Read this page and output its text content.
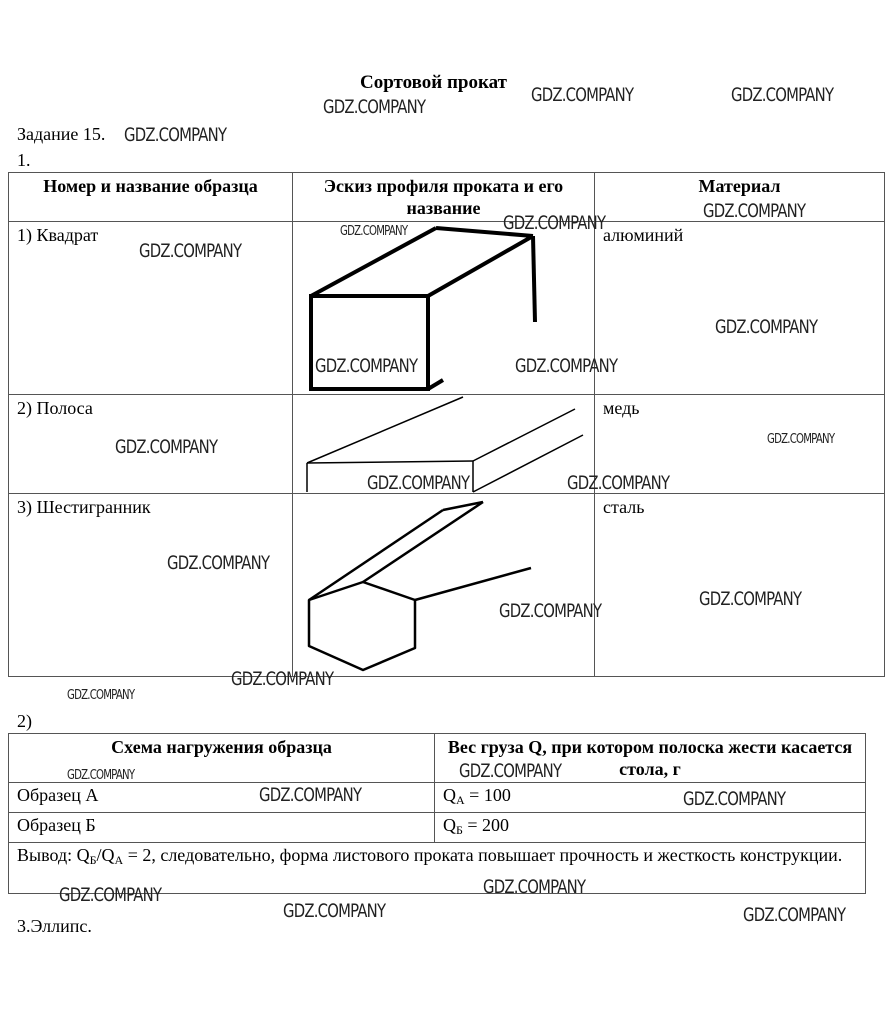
Сортовой прокат
Задание 15.
1.
Номер и название образца	Эскиз профиля проката и его название	Материал
1) Квадрат		алюминий
2) Полоса		медь
3) Шестигранник		сталь
2)
Схема нагружения образца	Вес груза Q, при котором полоска жести касается стола, г
Образец А	$Q_А = 100$
Образец Б	$Q_Б = 200$
Вывод: $Q_Б/Q_А = 2$, следовательно, форма листового проката повышает прочность и жесткость конструкции.	
3.Эллипс.
GDZ.COMPANY
GDZ.COMPANY	GDZ.COMPANY
GDZ.COMPANY
GDZ.COMPANY
GDZ.COMPANY
GDZ.COMPANY
GDZ.COMPANY
GDZ.COMPANY
GDZ.COMPANY	GDZ.COMPANY
GDZ.COMPANY
GDZ.COMPANY
GDZ.COMPANY	GDZ.COMPANY
GDZ.COMPANY
GDZ.COMPANY
GDZ.COMPANY
GDZ.COMPANY
GDZ.COMPANY
GDZ.COMPANY
GDZ.COMPANY
GDZ.COMPANY	GDZ.COMPANY
GDZ.COMPANY
GDZ.COMPANY
GDZ.COMPANY	GDZ.COMPANY
